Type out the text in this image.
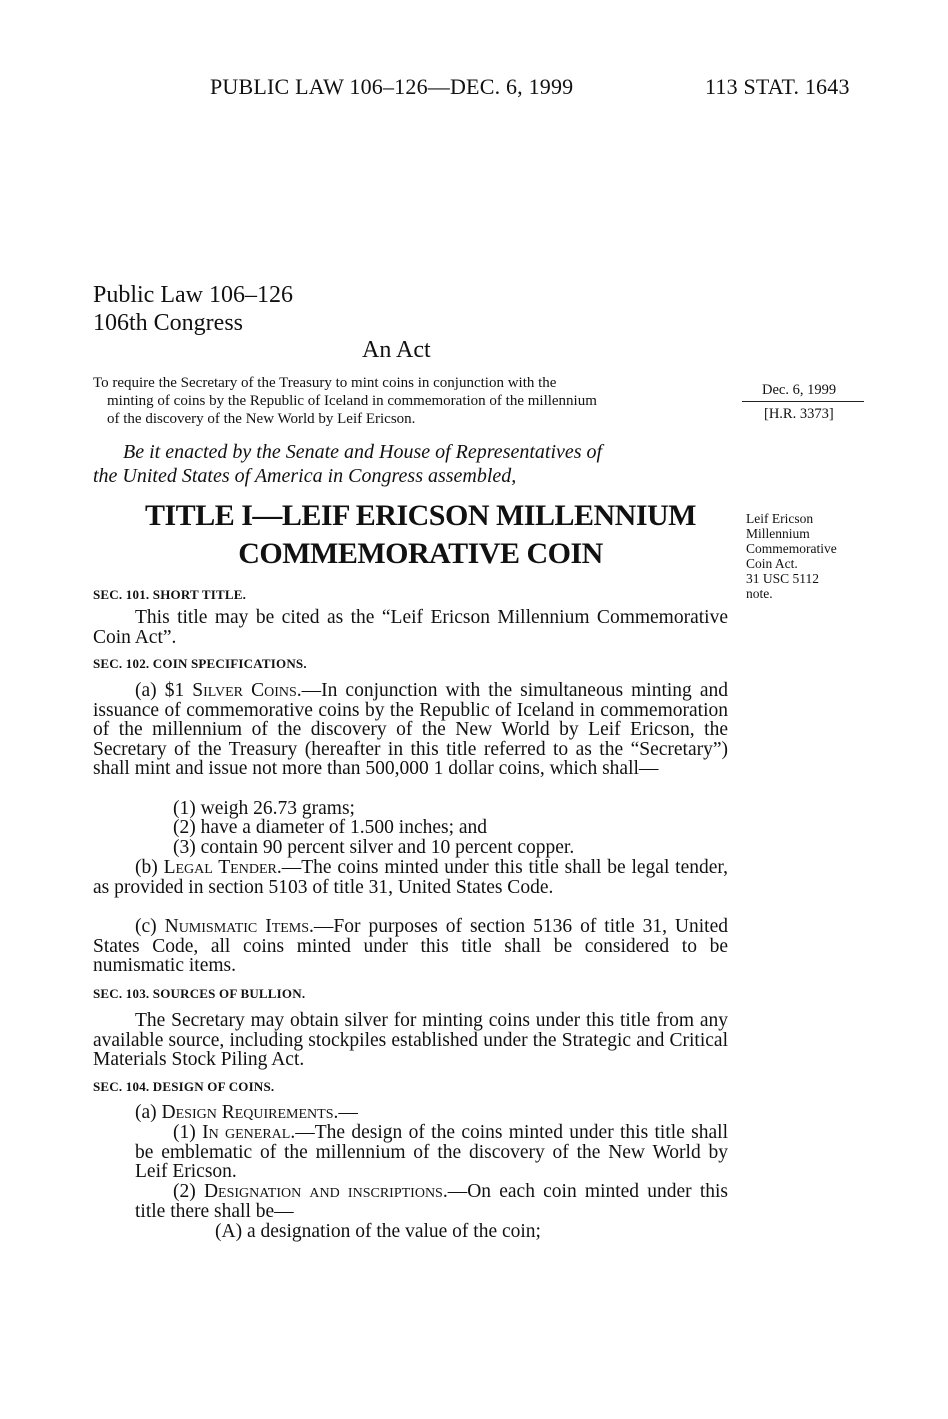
PUBLIC LAW 106–126—DEC. 6, 1999	113 STAT. 1643
Public Law 106–126
106th Congress
An Act
To require the Secretary of the Treasury to mint coins in conjunction with the
minting of coins by the Republic of Iceland in commemoration of the millennium
of the discovery of the New World by Leif Ericson.
Dec. 6, 1999
[H.R. 3373]
Be it enacted by the Senate and House of Representatives of
the United States of America in Congress assembled,
TITLE I—LEIF ERICSON MILLENNIUM
COMMEMORATIVE COIN
Leif Ericson
Millennium
Commemorative
Coin Act.
31 USC 5112
note.
SEC. 101. SHORT TITLE.
This title may be cited as the “Leif Ericson Millennium Commemorative Coin Act”.
SEC. 102. COIN SPECIFICATIONS.
(a) $1 Silver Coins.—In conjunction with the simultaneous minting and issuance of commemorative coins by the Republic of Iceland in commemoration of the millennium of the discovery of the New World by Leif Ericson, the Secretary of the Treasury (hereafter in this title referred to as the “Secretary”) shall mint and issue not more than 500,000 1 dollar coins, which shall—
(1) weigh 26.73 grams;
(2) have a diameter of 1.500 inches; and
(3) contain 90 percent silver and 10 percent copper.
(b) Legal Tender.—The coins minted under this title shall be legal tender, as provided in section 5103 of title 31, United States Code.
(c) Numismatic Items.—For purposes of section 5136 of title 31, United States Code, all coins minted under this title shall be considered to be numismatic items.
SEC. 103. SOURCES OF BULLION.
The Secretary may obtain silver for minting coins under this title from any available source, including stockpiles established under the Strategic and Critical Materials Stock Piling Act.
SEC. 104. DESIGN OF COINS.
(a) Design Requirements.—
(1) In general.—The design of the coins minted under this title shall be emblematic of the millennium of the discovery of the New World by Leif Ericson.
(2) Designation and inscriptions.—On each coin minted under this title there shall be—
(A) a designation of the value of the coin;
